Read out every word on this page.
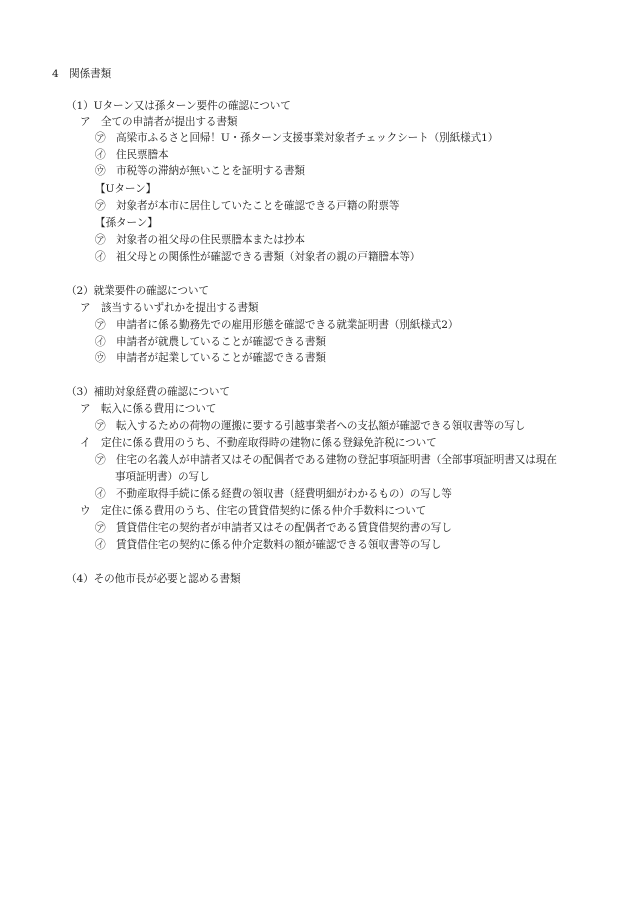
4　関係書類
（1）Uターン又は孫ターン要件の確認について
ア　全ての申請者が提出する書類
㋐　高梁市ふるさと回帰！U・孫ターン支援事業対象者チェックシート（別紙様式1）
㋑　住民票謄本
㋒　市税等の滞納が無いことを証明する書類
【Uターン】
㋐　対象者が本市に居住していたことを確認できる戸籍の附票等
【孫ターン】
㋐　対象者の祖父母の住民票謄本または抄本
㋑　祖父母との関係性が確認できる書類（対象者の親の戸籍謄本等）
（2）就業要件の確認について
ア　該当するいずれかを提出する書類
㋐　申請者に係る勤務先での雇用形態を確認できる就業証明書（別紙様式2）
㋑　申請者が就農していることが確認できる書類
㋒　申請者が起業していることが確認できる書類
（3）補助対象経費の確認について
ア　転入に係る費用について
㋐　転入するための荷物の運搬に要する引越事業者への支払額が確認できる領収書等の写し
イ　定住に係る費用のうち、不動産取得時の建物に係る登録免許税について
㋐　住宅の名義人が申請者又はその配偶者である建物の登記事項証明書（全部事項証明書又は現在
事項証明書）の写し
㋑　不動産取得手続に係る経費の領収書（経費明細がわかるもの）の写し等
ウ　定住に係る費用のうち、住宅の賃貸借契約に係る仲介手数料について
㋐　賃貸借住宅の契約者が申請者又はその配偶者である賃貸借契約書の写し
㋑　賃貸借住宅の契約に係る仲介定数料の額が確認できる領収書等の写し
（4）その他市長が必要と認める書類
